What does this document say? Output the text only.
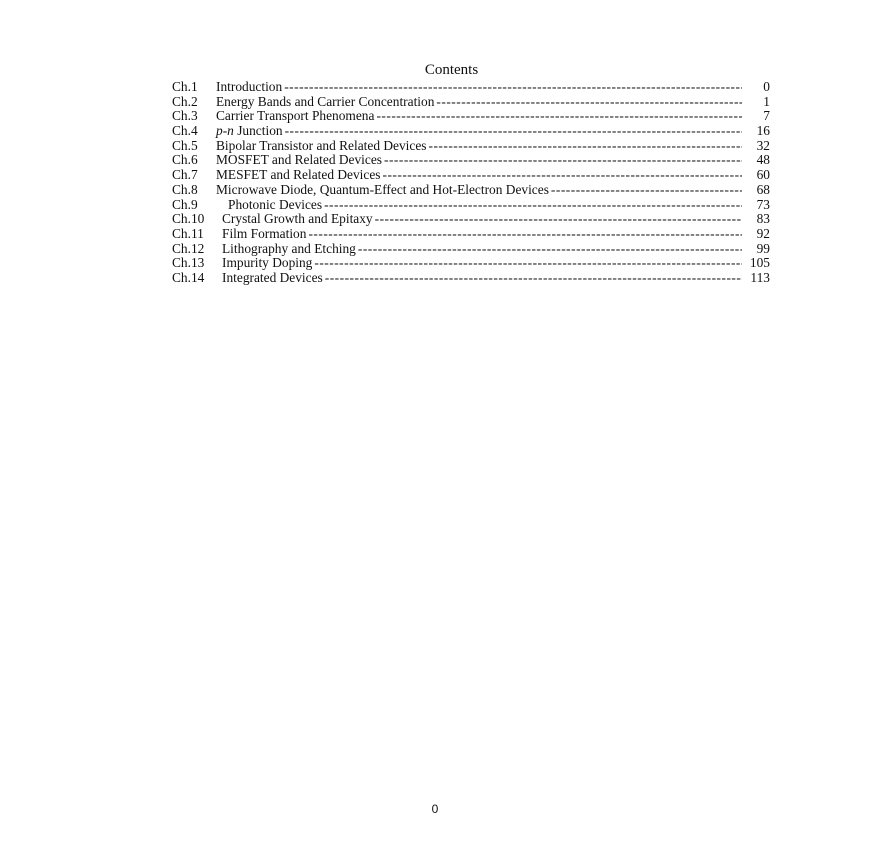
Contents
Ch.1	Introduction -----	0
Ch.2	Energy Bands and Carrier Concentration -----	1
Ch.3	Carrier Transport Phenomena -----	7
Ch.4	p-n Junction -----	16
Ch.5	Bipolar Transistor and Related Devices -----	32
Ch.6	MOSFET and Related Devices -----	48
Ch.7	MESFET and Related Devices -----	60
Ch.8	Microwave Diode, Quantum-Effect and Hot-Electron Devices -----	68
Ch.9	Photonic Devices -----	73
Ch.10	Crystal Growth and Epitaxy -----	83
Ch.11	Film Formation -----	92
Ch.12	Lithography and Etching -----	99
Ch.13	Impurity Doping -----	105
Ch.14	Integrated Devices -----	113
0
